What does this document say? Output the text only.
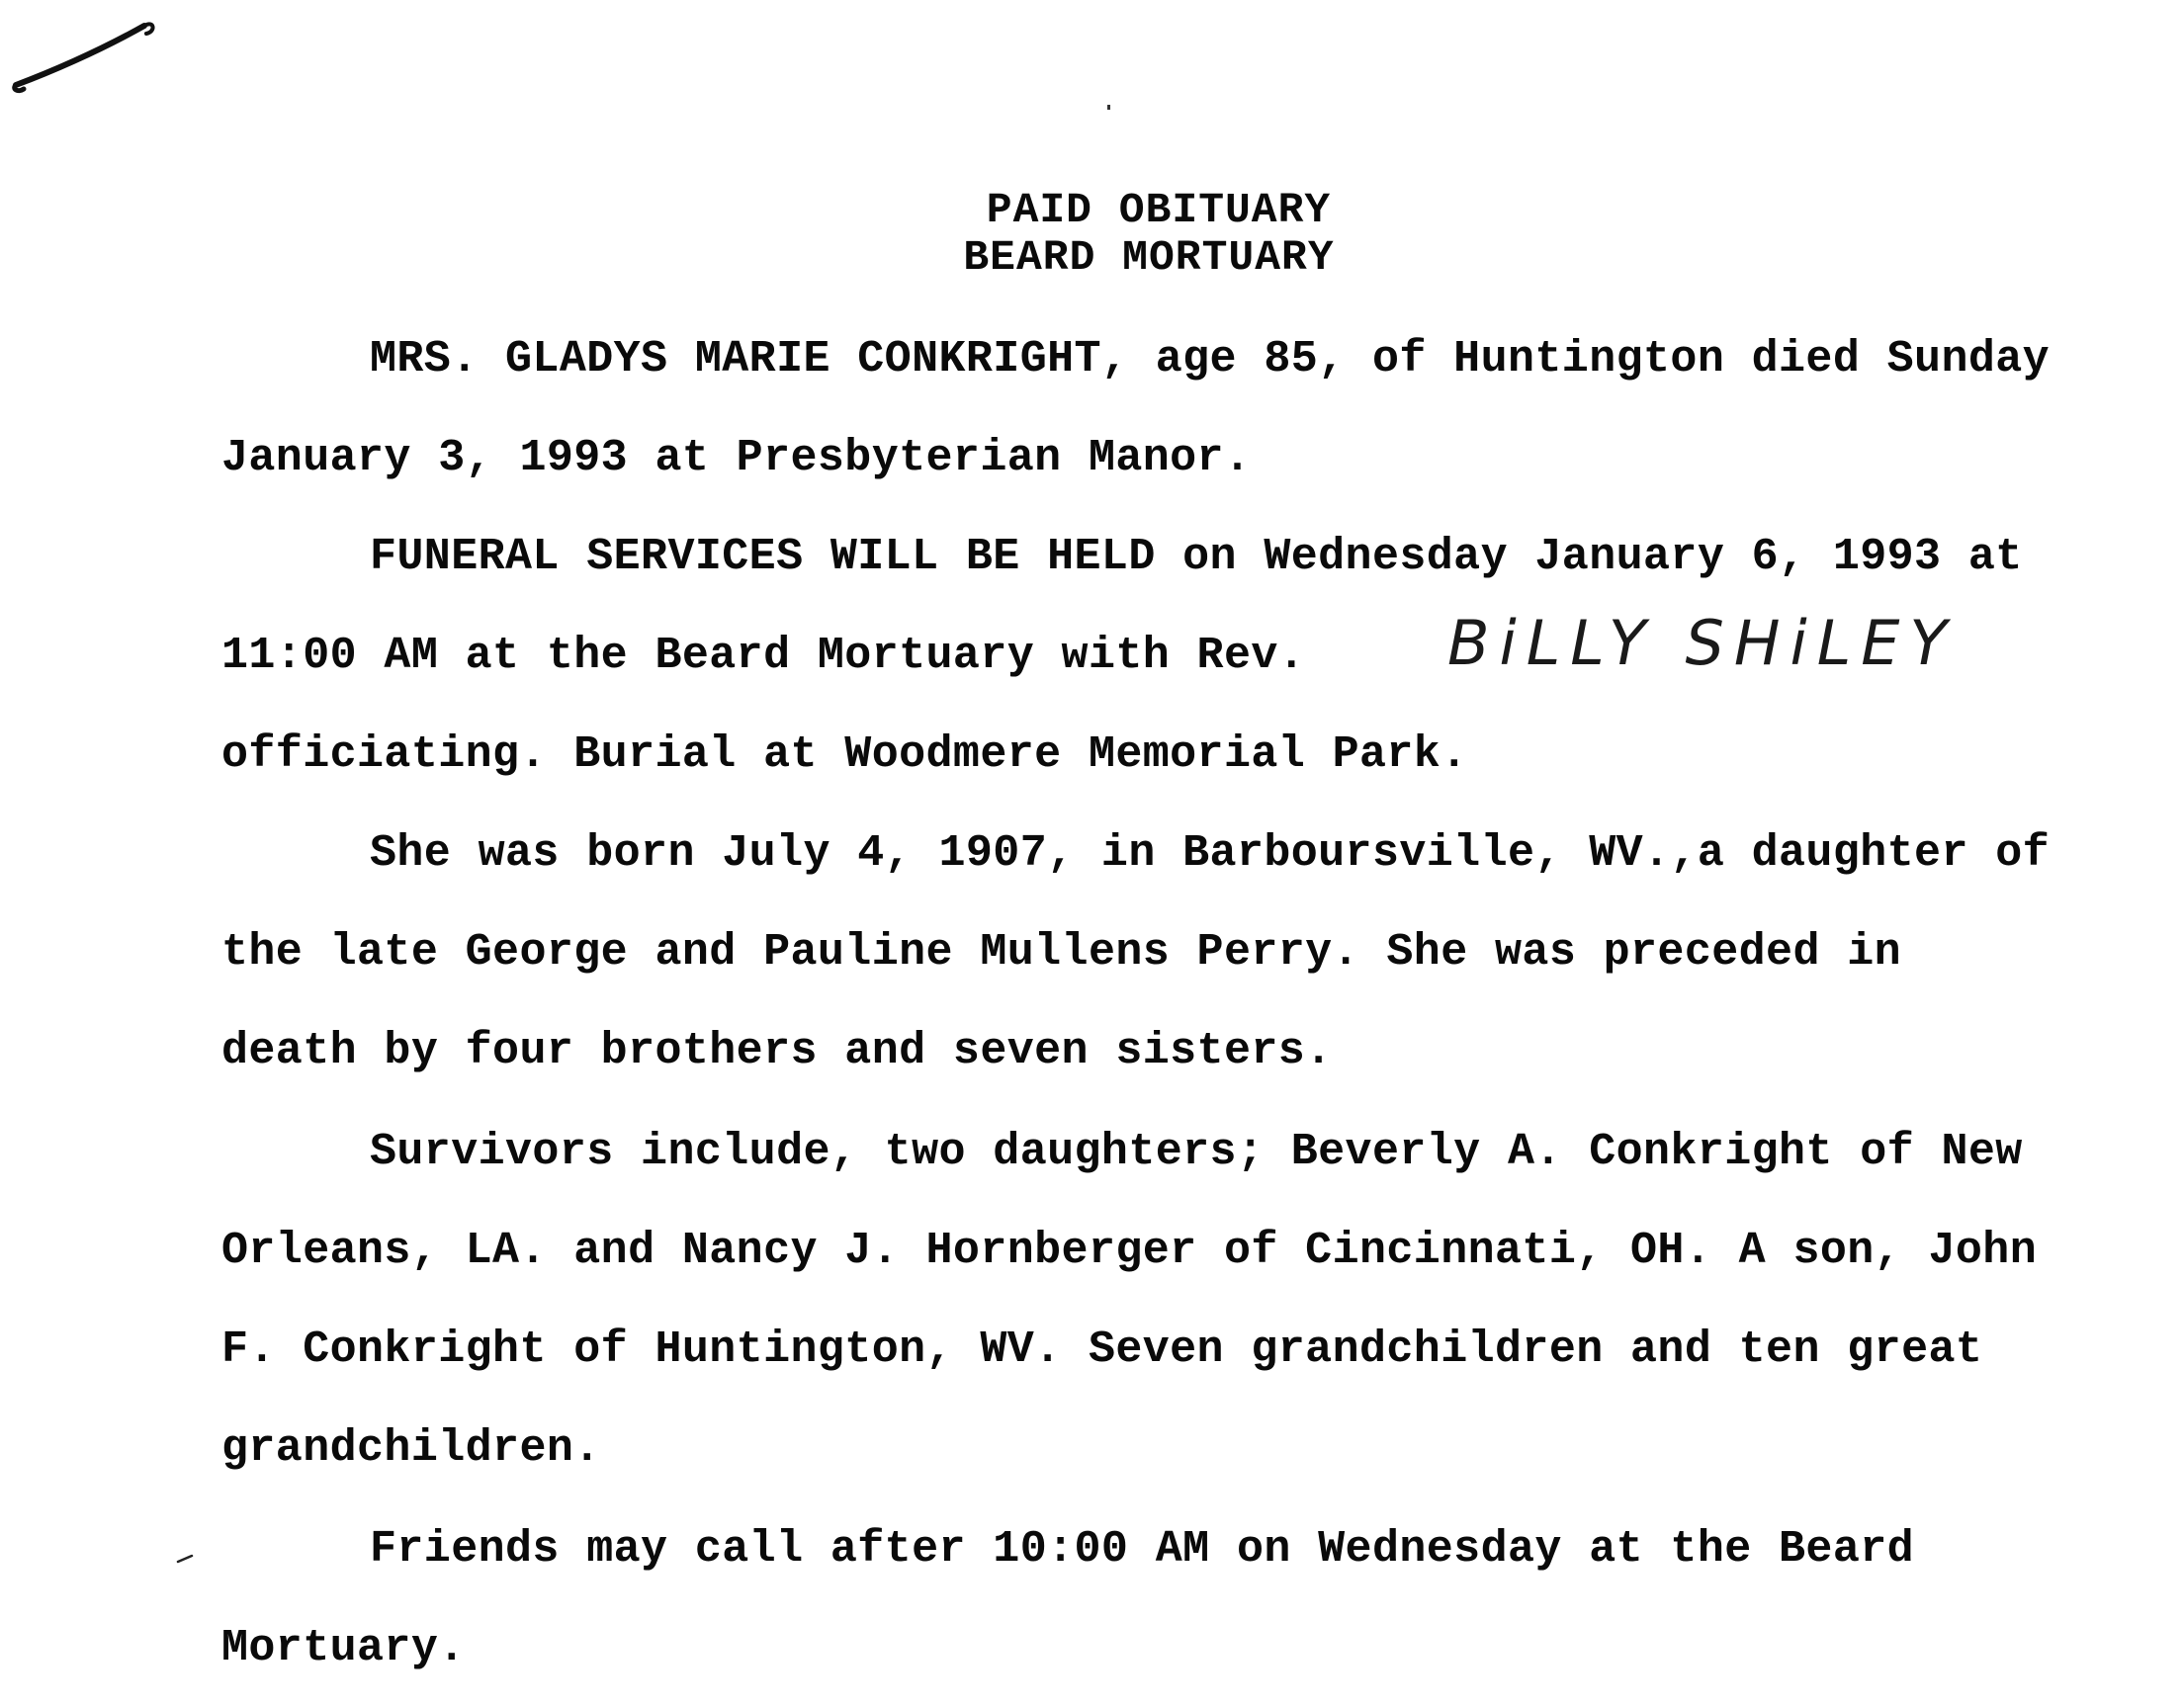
PAID OBITUARY
BEARD MORTUARY
MRS. GLADYS MARIE CONKRIGHT, age 85, of Huntington died Sunday
January 3, 1993 at Presbyterian Manor.
FUNERAL SERVICES WILL BE HELD on Wednesday January 6, 1993 at
11:00 AM at the Beard Mortuary with Rev. BiLLY SHiLEY
officiating. Burial at Woodmere Memorial Park.
She was born July 4, 1907, in Barboursville, WV.,a daughter of
the late George and Pauline Mullens Perry. She was preceded in
death by four brothers and seven sisters.
Survivors include, two daughters; Beverly A. Conkright of New
Orleans, LA. and Nancy J. Hornberger of Cincinnati, OH. A son, John
F. Conkright of Huntington, WV. Seven grandchildren and ten great
grandchildren.
Friends may call after 10:00 AM on Wednesday at the Beard
Mortuary.
